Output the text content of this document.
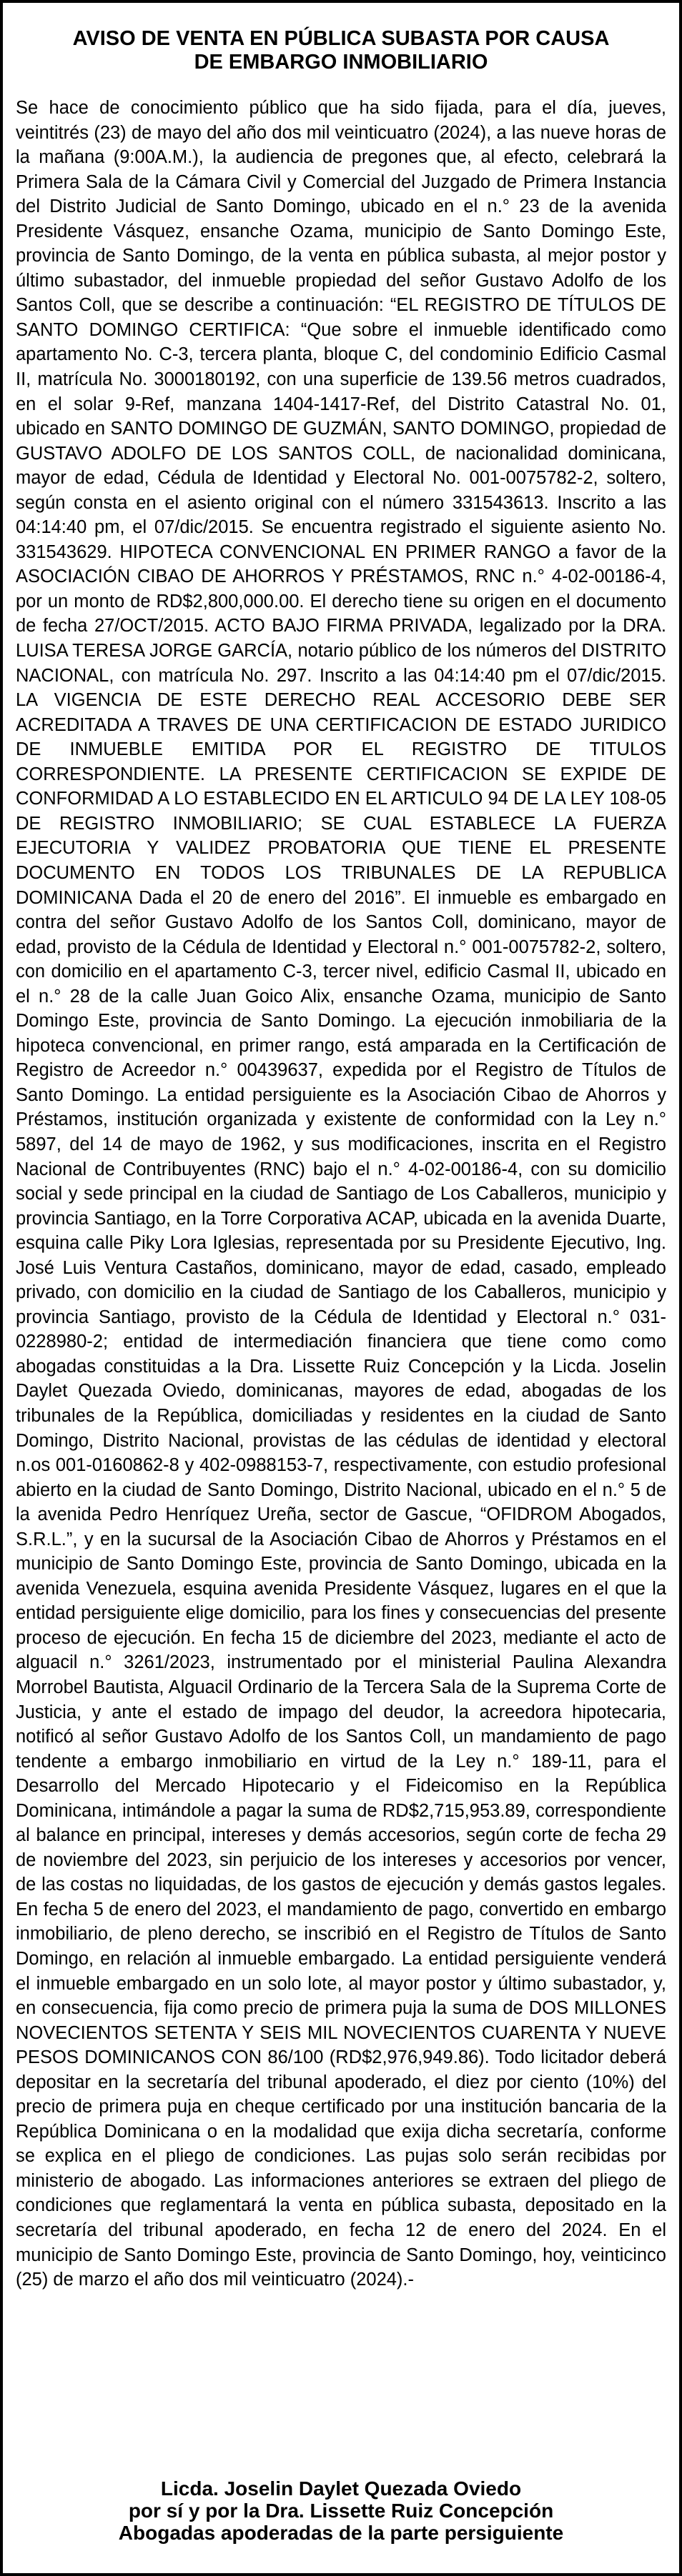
AVISO DE VENTA EN PÚBLICA SUBASTA POR CAUSA
DE EMBARGO INMOBILIARIO

Se hace de conocimiento público que ha sido fijada, para el día, jueves, veintitrés (23) de mayo del año dos mil veinticuatro (2024), a las nueve horas de la mañana (9:00A.M.), la audiencia de pregones que, al efecto, celebrará la Primera Sala de la Cámara Civil y Comercial del Juzgado de Primera Instancia del Distrito Judicial de Santo Domingo, ubicado en el n.° 23 de la avenida Presidente Vásquez, ensanche Ozama, municipio de Santo Domingo Este, provincia de Santo Domingo, de la venta en pública subasta, al mejor postor y último subastador, del inmueble propiedad del señor Gustavo Adolfo de los Santos Coll, que se describe a continuación: “EL REGISTRO DE TÍTULOS DE SANTO DOMINGO CERTIFICA: “Que sobre el inmueble identificado como apartamento No. C-3, tercera planta, bloque C, del condominio Edificio Casmal II, matrícula No. 3000180192, con una superficie de 139.56 metros cuadrados, en el solar 9-Ref, manzana 1404-1417-Ref, del Distrito Catastral No. 01, ubicado en SANTO DOMINGO DE GUZMÁN, SANTO DOMINGO, propiedad de GUSTAVO ADOLFO DE LOS SANTOS COLL, de nacionalidad dominicana, mayor de edad, Cédula de Identidad y Electoral No. 001-0075782-2, soltero, según consta en el asiento original con el número 331543613. Inscrito a las 04:14:40 pm, el 07/dic/2015. Se encuentra registrado el siguiente asiento No. 331543629. HIPOTECA CONVENCIONAL EN PRIMER RANGO a favor de la ASOCIACIÓN CIBAO DE AHORROS Y PRÉSTAMOS, RNC n.° 4-02-00186-4, por un monto de RD$2,800,000.00. El derecho tiene su origen en el documento de fecha 27/OCT/2015. ACTO BAJO FIRMA PRIVADA, legalizado por la DRA. LUISA TERESA JORGE GARCÍA, notario público de los números del DISTRITO NACIONAL, con matrícula No. 297. Inscrito a las 04:14:40 pm el 07/dic/2015. LA VIGENCIA DE ESTE DERECHO REAL ACCESORIO DEBE SER ACREDITADA A TRAVES DE UNA CERTIFICACION DE ESTADO JURIDICO DE INMUEBLE EMITIDA POR EL REGISTRO DE TITULOS CORRESPONDIENTE. LA PRESENTE CERTIFICACION SE EXPIDE DE CONFORMIDAD A LO ESTABLECIDO EN EL ARTICULO 94 DE LA LEY 108-05 DE REGISTRO INMOBILIARIO; SE CUAL ESTABLECE LA FUERZA EJECUTORIA Y VALIDEZ PROBATORIA QUE TIENE EL PRESENTE DOCUMENTO EN TODOS LOS TRIBUNALES DE LA REPUBLICA DOMINICANA Dada el 20 de enero del 2016”. El inmueble es embargado en contra del señor Gustavo Adolfo de los Santos Coll, dominicano, mayor de edad, provisto de la Cédula de Identidad y Electoral n.° 001-0075782-2, soltero, con domicilio en el apartamento C-3, tercer nivel, edificio Casmal II, ubicado en el n.° 28 de la calle Juan Goico Alix, ensanche Ozama, municipio de Santo Domingo Este, provincia de Santo Domingo. La ejecución inmobiliaria de la hipoteca convencional, en primer rango, está amparada en la Certificación de Registro de Acreedor n.° 00439637, expedida por el Registro de Títulos de Santo Domingo. La entidad persiguiente es la Asociación Cibao de Ahorros y Préstamos, institución organizada y existente de conformidad con la Ley n.° 5897, del 14 de mayo de 1962, y sus modificaciones, inscrita en el Registro Nacional de Contribuyentes (RNC) bajo el n.° 4-02-00186-4, con su domicilio social y sede principal en la ciudad de Santiago de Los Caballeros, municipio y provincia Santiago, en la Torre Corporativa ACAP, ubicada en la avenida Duarte, esquina calle Piky Lora Iglesias, representada por su Presidente Ejecutivo, Ing. José Luis Ventura Castaños, dominicano, mayor de edad, casado, empleado privado, con domicilio en la ciudad de Santiago de los Caballeros, municipio y provincia Santiago, provisto de la Cédula de Identidad y Electoral n.° 031-0228980-2; entidad de intermediación financiera que tiene como como abogadas constituidas a la Dra. Lissette Ruiz Concepción y la Licda. Joselin Daylet Quezada Oviedo, dominicanas, mayores de edad, abogadas de los tribunales de la República, domiciliadas y residentes en la ciudad de Santo Domingo, Distrito Nacional, provistas de las cédulas de identidad y electoral n.os 001-0160862-8 y 402-0988153-7, respectivamente, con estudio profesional abierto en la ciudad de Santo Domingo, Distrito Nacional, ubicado en el n.° 5 de la avenida Pedro Henríquez Ureña, sector de Gascue, “OFIDROM Abogados, S.R.L.”, y en la sucursal de la Asociación Cibao de Ahorros y Préstamos en el municipio de Santo Domingo Este, provincia de Santo Domingo, ubicada en la avenida Venezuela, esquina avenida Presidente Vásquez, lugares en el que la entidad persiguiente elige domicilio, para los fines y consecuencias del presente proceso de ejecución. En fecha 15 de diciembre del 2023, mediante el acto de alguacil n.° 3261/2023, instrumentado por el ministerial Paulina Alexandra Morrobel Bautista, Alguacil Ordinario de la Tercera Sala de la Suprema Corte de Justicia, y ante el estado de impago del deudor, la acreedora hipotecaria, notificó al señor Gustavo Adolfo de los Santos Coll, un mandamiento de pago tendente a embargo inmobiliario en virtud de la Ley n.° 189-11, para el Desarrollo del Mercado Hipotecario y el Fideicomiso en la República Dominicana, intimándole a pagar la suma de RD$2,715,953.89, correspondiente al balance en principal, intereses y demás accesorios, según corte de fecha 29 de noviembre del 2023, sin perjuicio de los intereses y accesorios por vencer, de las costas no liquidadas, de los gastos de ejecución y demás gastos legales. En fecha 5 de enero del 2023, el mandamiento de pago, convertido en embargo inmobiliario, de pleno derecho, se inscribió en el Registro de Títulos de Santo Domingo, en relación al inmueble embargado. La entidad persiguiente venderá el inmueble embargado en un solo lote, al mayor postor y último subastador, y, en consecuencia, fija como precio de primera puja la suma de DOS MILLONES NOVECIENTOS SETENTA Y SEIS MIL NOVECIENTOS CUARENTA Y NUEVE PESOS DOMINICANOS CON 86/100 (RD$2,976,949.86). Todo licitador deberá depositar en la secretaría del tribunal apoderado, el diez por ciento (10%) del precio de primera puja en cheque certificado por una institución bancaria de la República Dominicana o en la modalidad que exija dicha secretaría, conforme se explica en el pliego de condiciones. Las pujas solo serán recibidas por ministerio de abogado. Las informaciones anteriores se extraen del pliego de condiciones que reglamentará la venta en pública subasta, depositado en la secretaría del tribunal apoderado, en fecha 12 de enero del 2024. En el municipio de Santo Domingo Este, provincia de Santo Domingo, hoy, veinticinco (25) de marzo el año dos mil veinticuatro (2024).-

Licda. Joselin Daylet Quezada Oviedo
por sí y por la Dra. Lissette Ruiz Concepción
Abogadas apoderadas de la parte persiguiente
